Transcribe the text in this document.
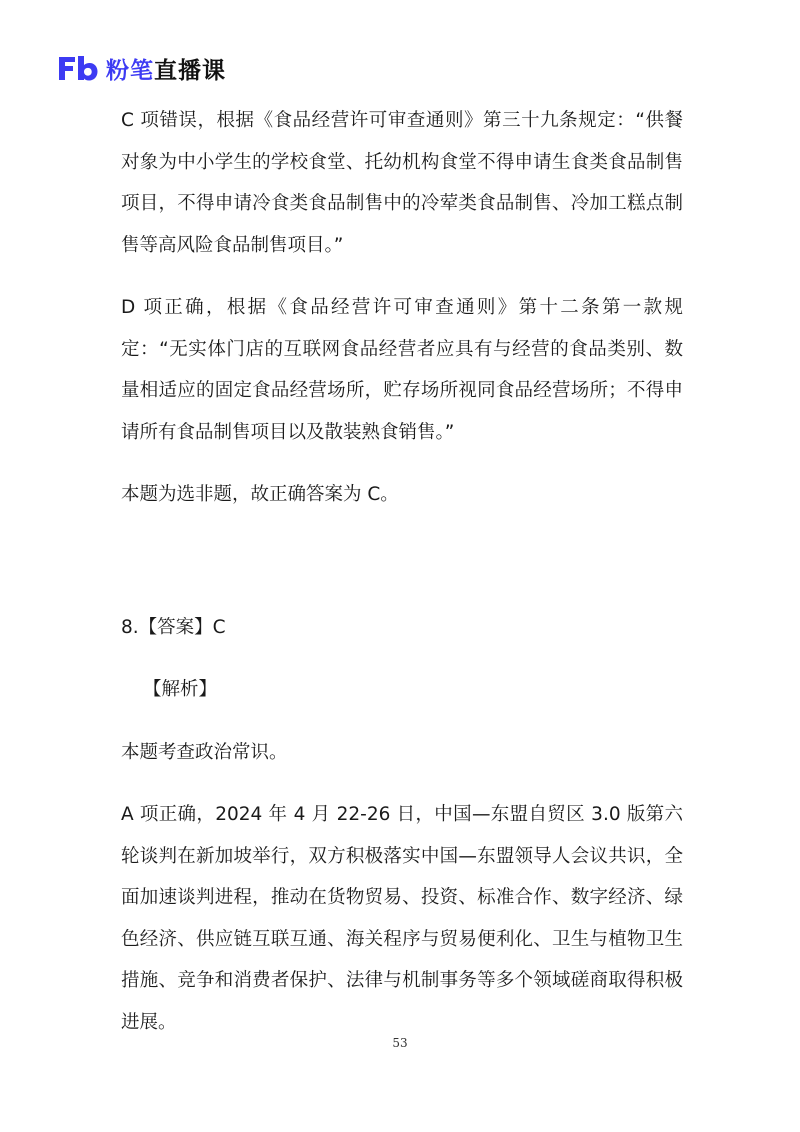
粉笔直播课

C 项错误，根据《食品经营许可审查通则》第三十九条规定：“供餐对象为中小学生的学校食堂、托幼机构食堂不得申请生食类食品制售项目，不得申请冷食类食品制售中的冷荤类食品制售、冷加工糕点制售等高风险食品制售项目。”

D 项正确，根据《食品经营许可审查通则》第十二条第一款规定：“无实体门店的互联网食品经营者应具有与经营的食品类别、数量相适应的固定食品经营场所，贮存场所视同食品经营场所；不得申请所有食品制售项目以及散装熟食销售。”

本题为选非题，故正确答案为 C。

8.【答案】C

【解析】

本题考查政治常识。

A 项正确，2024 年 4 月 22-26 日，中国—东盟自贸区 3.0 版第六轮谈判在新加坡举行，双方积极落实中国—东盟领导人会议共识，全面加速谈判进程，推动在货物贸易、投资、标准合作、数字经济、绿色经济、供应链互联互通、海关程序与贸易便利化、卫生与植物卫生措施、竞争和消费者保护、法律与机制事务等多个领域磋商取得积极进展。

53
